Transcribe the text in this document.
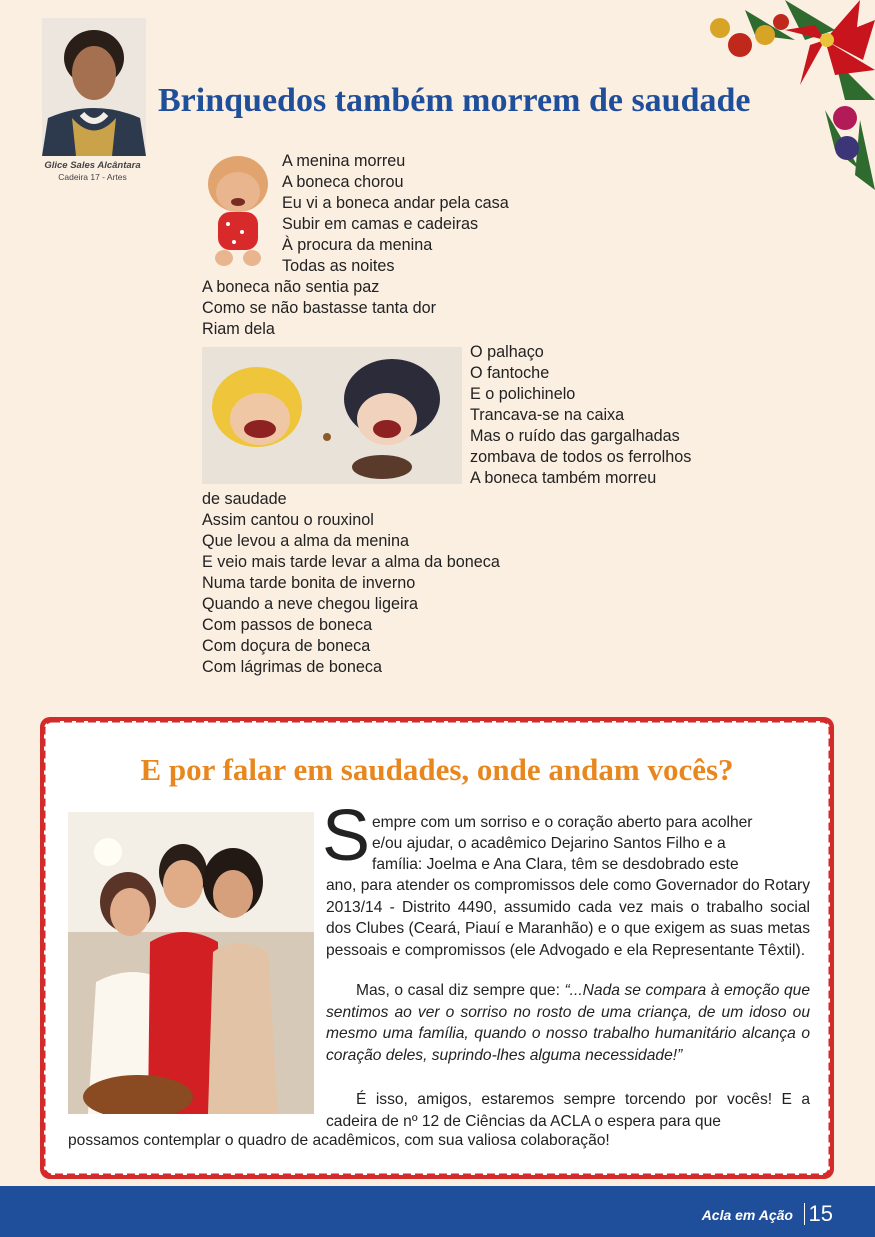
Glice Sales Alcântara
Cadeira 17 - Artes
Brinquedos também morrem de saudade
A menina morreu
A boneca chorou
Eu vi a boneca andar pela casa
Subir em camas e cadeiras
À procura da menina
Todas as noites
A boneca não sentia paz
Como se não bastasse tanta dor
Riam dela
O palhaço
O fantoche
E o polichinelo
Trancava-se na caixa
Mas o ruído das gargalhadas
zombava de todos os ferrolhos
A boneca também morreu
de saudade
Assim cantou o rouxinol
Que levou a alma da menina
E veio mais tarde levar a alma da boneca
Numa tarde bonita de inverno
Quando a neve chegou ligeira
Com passos de boneca
Com doçura de boneca
Com lágrimas de boneca
E por falar em saudades, onde andam vocês?
S empre com um sorriso e o coração aberto para acolher
e/ou ajudar, o acadêmico Dejarino Santos Filho e a
família: Joelma e Ana Clara, têm se desdobrado este
ano, para atender os compromissos dele como Governador do Rotary 2013/14 - Distrito 4490, assumido cada vez mais o trabalho social dos Clubes (Ceará, Piauí e Maranhão) e o que exigem as suas metas pessoais e compromissos (ele Advogado e ela Representante Têxtil).
Mas, o casal diz sempre que: “...Nada se compara à emoção que sentimos ao ver o sorriso no rosto de uma criança, de um idoso ou mesmo uma família, quando o nosso trabalho humanitário alcança o coração deles, suprindo-lhes alguma necessidade!”
É isso, amigos, estaremos sempre torcendo por vocês! E a cadeira de nº 12 de Ciências da ACLA o espera para que
possamos contemplar o quadro de acadêmicos, com sua valiosa colaboração!
Acla em Ação 15
